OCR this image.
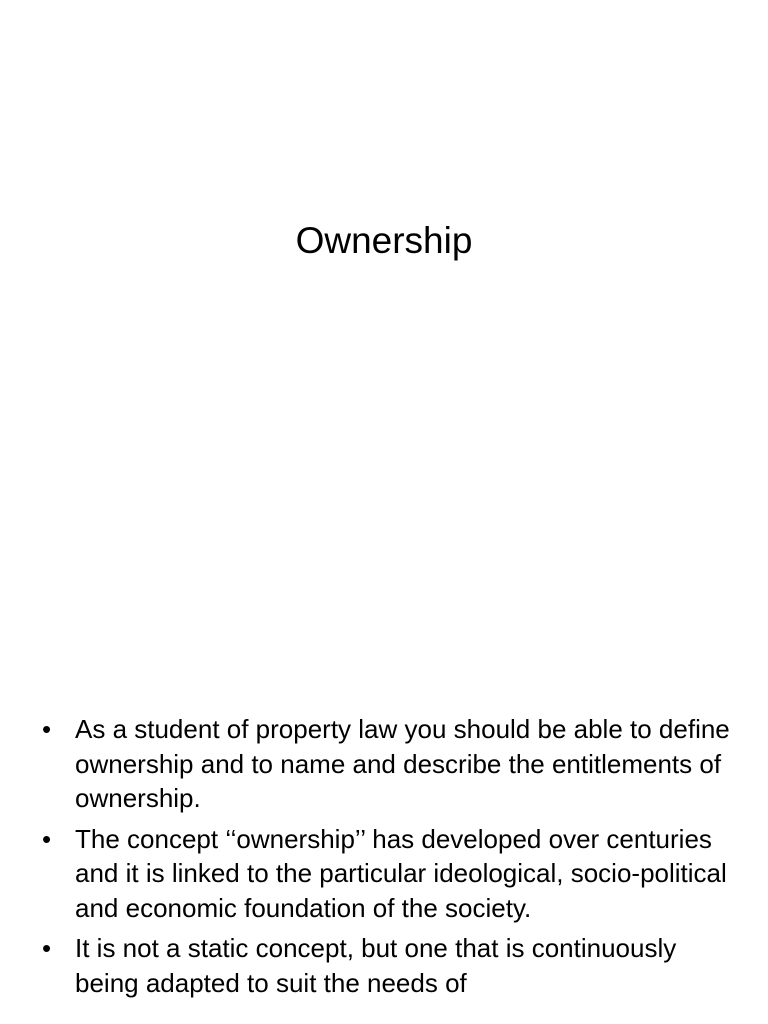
Ownership
• As a student of property law you should be able to define ownership and to name and describe the entitlements of ownership.
• The concept ‘‘ownership’’ has developed over centuries and it is linked to the particular ideological, socio-political and economic foundation of the society.
• It is not a static concept, but one that is continuously being adapted to suit the needs of
